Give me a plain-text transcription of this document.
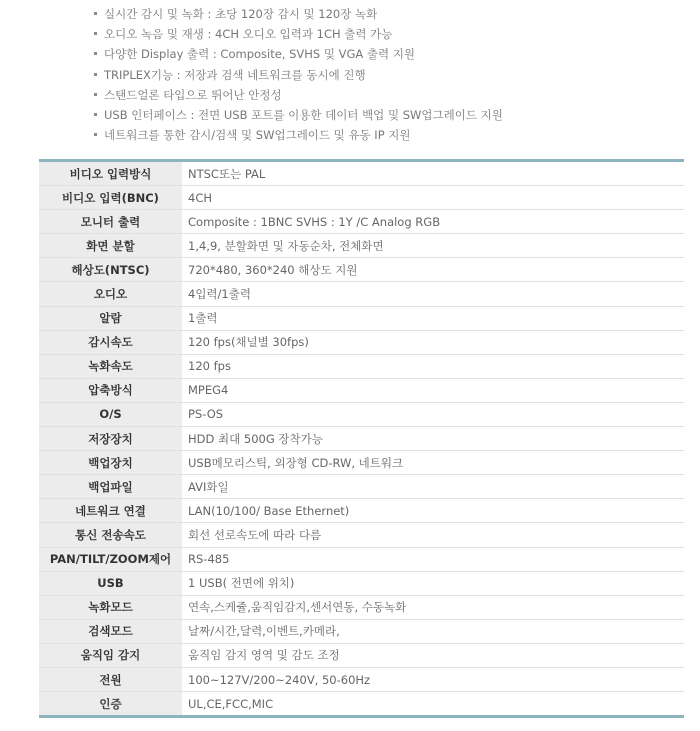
실시간 감시 및 녹화 : 초당 120장 감시 및 120장 녹화
오디오 녹음 및 재생 : 4CH 오디오 입력과 1CH 출력 가능
다양한 Display 출력 : Composite, SVHS 및 VGA 출력 지원
TRIPLEX기능 : 저장과 검색 네트워크를 동시에 진행
스탠드얼론 타입으로 뛰어난 안정성
USB 인터페이스 : 전면 USB 포트를 이용한 데이터 백업 및 SW업그레이드 지원
네트워크를 통한 감시/검색 및 SW업그레이드 및 유동 IP 지원
비디오 입력방식	NTSC또는 PAL
비디오 입력(BNC)	4CH
모니터 출력	Composite : 1BNC SVHS : 1Y /C Analog RGB
화면 분할	1,4,9, 분할화면 및 자동순차, 전체화면
해상도(NTSC)	720*480, 360*240 해상도 지원
오디오	4입력/1출력
알람	1출력
감시속도	120 fps(채널별 30fps)
녹화속도	120 fps
압축방식	MPEG4
O/S	PS-OS
저장장치	HDD 최대 500G 장착가능
백업장치	USB메모리스틱, 외장형 CD-RW, 네트워크
백업파일	AVI화일
네트워크 연결	LAN(10/100/ Base Ethernet)
통신 전송속도	회선 선로속도에 따라 다름
PAN/TILT/ZOOM제어	RS-485
USB	1 USB( 전면에 위치)
녹화모드	연속,스케쥴,움직임감지,센서연동, 수동녹화
검색모드	날짜/시간,달력,이벤트,카메라,
움직임 감지	움직임 감지 영역 및 감도 조정
전원	100~127V/200~240V, 50-60Hz
인증	UL,CE,FCC,MIC
